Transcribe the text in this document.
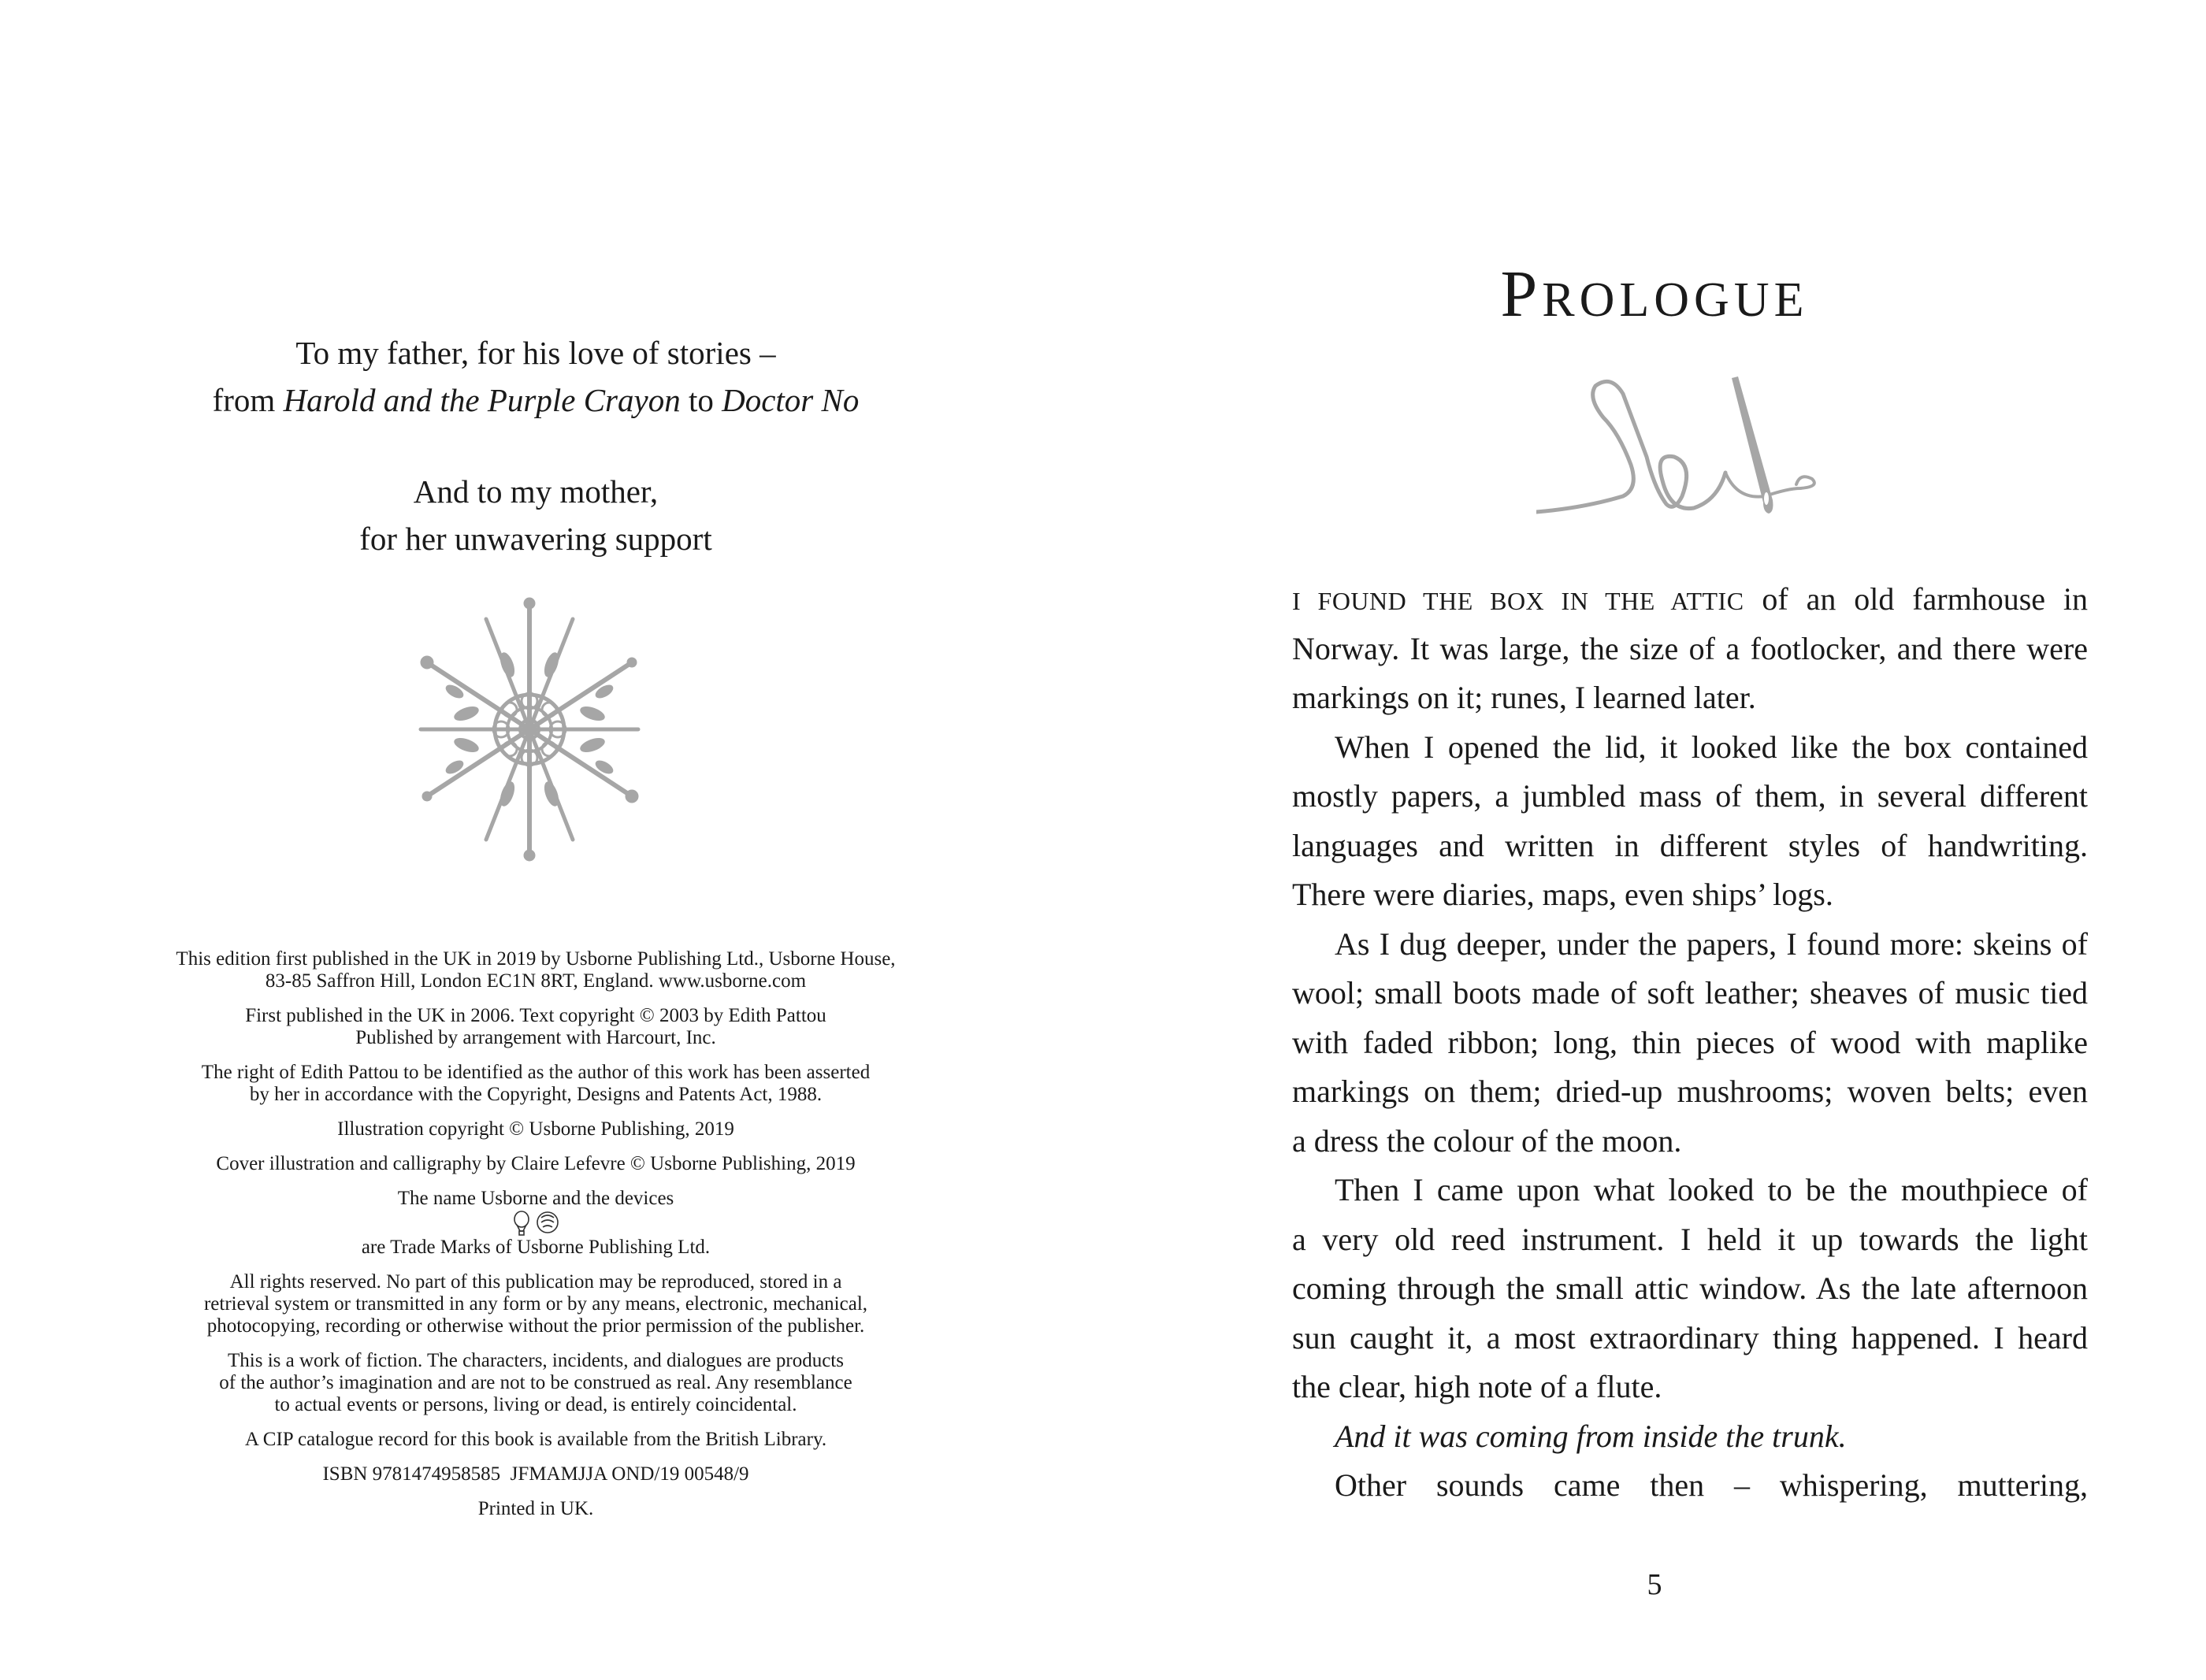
To my father, for his love of stories –
from Harold and the Purple Crayon to Doctor No
And to my mother,
for her unwavering support

This edition first published in the UK in 2019 by Usborne Publishing Ltd., Usborne House,
83-85 Saffron Hill, London EC1N 8RT, England. www.usborne.com

First published in the UK in 2006. Text copyright © 2003 by Edith Pattou
Published by arrangement with Harcourt, Inc.

The right of Edith Pattou to be identified as the author of this work has been asserted
by her in accordance with the Copyright, Designs and Patents Act, 1988.

Illustration copyright © Usborne Publishing, 2019

Cover illustration and calligraphy by Claire Lefevre © Usborne Publishing, 2019

The name Usborne and the devices
are Trade Marks of Usborne Publishing Ltd.

All rights reserved. No part of this publication may be reproduced, stored in a
retrieval system or transmitted in any form or by any means, electronic, mechanical,
photocopying, recording or otherwise without the prior permission of the publisher.

This is a work of fiction. The characters, incidents, and dialogues are products
of the author’s imagination and are not to be construed as real. Any resemblance
to actual events or persons, living or dead, is entirely coincidental.

A CIP catalogue record for this book is available from the British Library.

ISBN 9781474958585  JFMAMJJA OND/19 00548/9

Printed in UK.

PROLOGUE
I FOUND THE BOX IN THE ATTIC of an old farmhouse in
Norway. It was large, the size of a footlocker, and there were
markings on it; runes, I learned later.
When I opened the lid, it looked like the box contained
mostly papers, a jumbled mass of them, in several different
languages and written in different styles of handwriting.
There were diaries, maps, even ships’ logs.
As I dug deeper, under the papers, I found more: skeins of
wool; small boots made of soft leather; sheaves of music tied
with faded ribbon; long, thin pieces of wood with maplike
markings on them; dried-up mushrooms; woven belts; even
a dress the colour of the moon.
Then I came upon what looked to be the mouthpiece of
a very old reed instrument. I held it up towards the light
coming through the small attic window. As the late afternoon
sun caught it, a most extraordinary thing happened. I heard
the clear, high note of a flute.
And it was coming from inside the trunk.
Other sounds came then – whispering, muttering,
5
